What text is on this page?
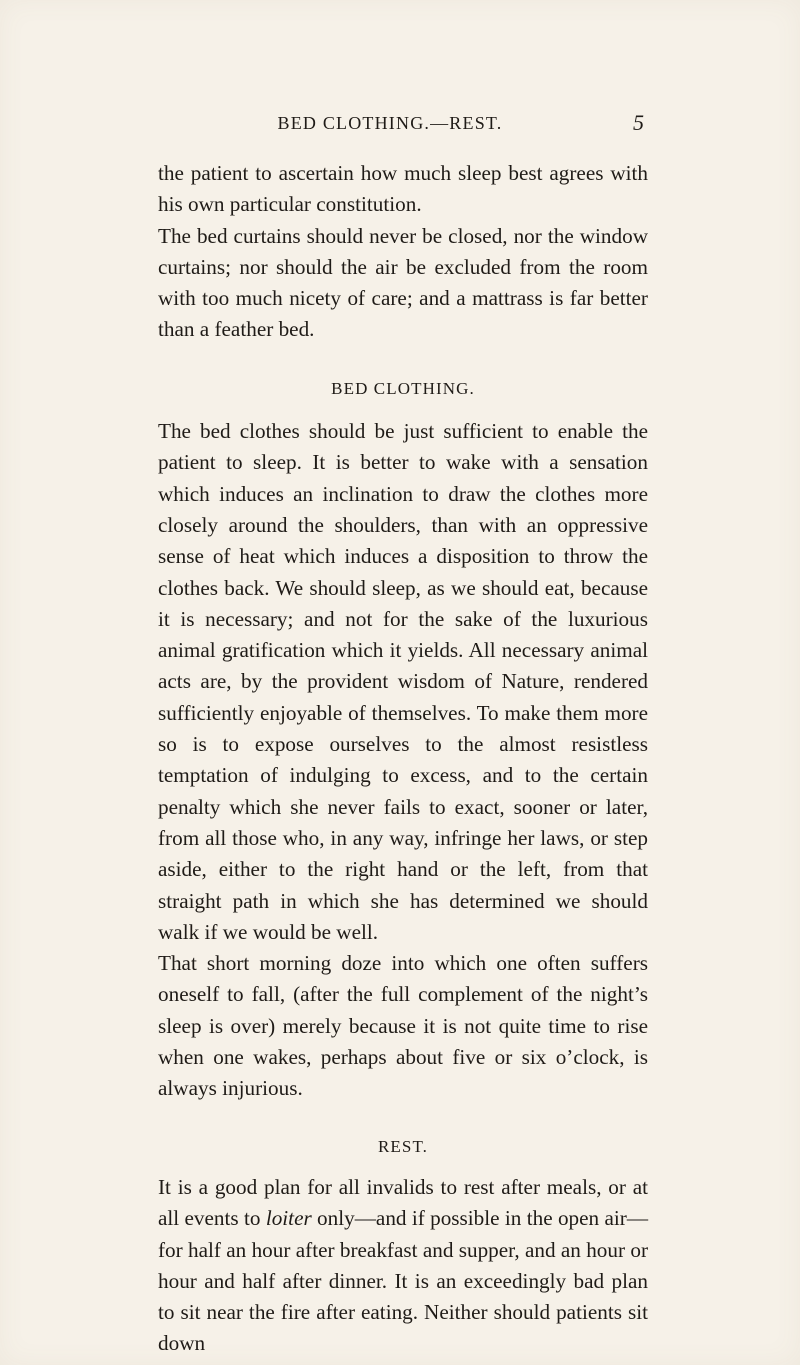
BED CLOTHING.—REST.	5

the patient to ascertain how much sleep best agrees with his own particular constitution.

The bed curtains should never be closed, nor the window curtains; nor should the air be excluded from the room with too much nicety of care; and a mattrass is far better than a feather bed.

BED CLOTHING.

The bed clothes should be just sufficient to enable the patient to sleep. It is better to wake with a sensation which induces an inclination to draw the clothes more closely around the shoulders, than with an oppressive sense of heat which induces a disposition to throw the clothes back. We should sleep, as we should eat, because it is necessary; and not for the sake of the luxurious animal gratification which it yields. All necessary animal acts are, by the provident wisdom of Nature, rendered sufficiently enjoyable of themselves. To make them more so is to expose ourselves to the almost resistless temptation of indulging to excess, and to the certain penalty which she never fails to exact, sooner or later, from all those who, in any way, infringe her laws, or step aside, either to the right hand or the left, from that straight path in which she has determined we should walk if we would be well.

That short morning doze into which one often suffers oneself to fall, (after the full complement of the night’s sleep is over) merely because it is not quite time to rise when one wakes, perhaps about five or six o’clock, is always injurious.

REST.

It is a good plan for all invalids to rest after meals, or at all events to loiter only—and if possible in the open air—for half an hour after breakfast and supper, and an hour or hour and half after dinner. It is an exceedingly bad plan to sit near the fire after eating. Neither should patients sit down
